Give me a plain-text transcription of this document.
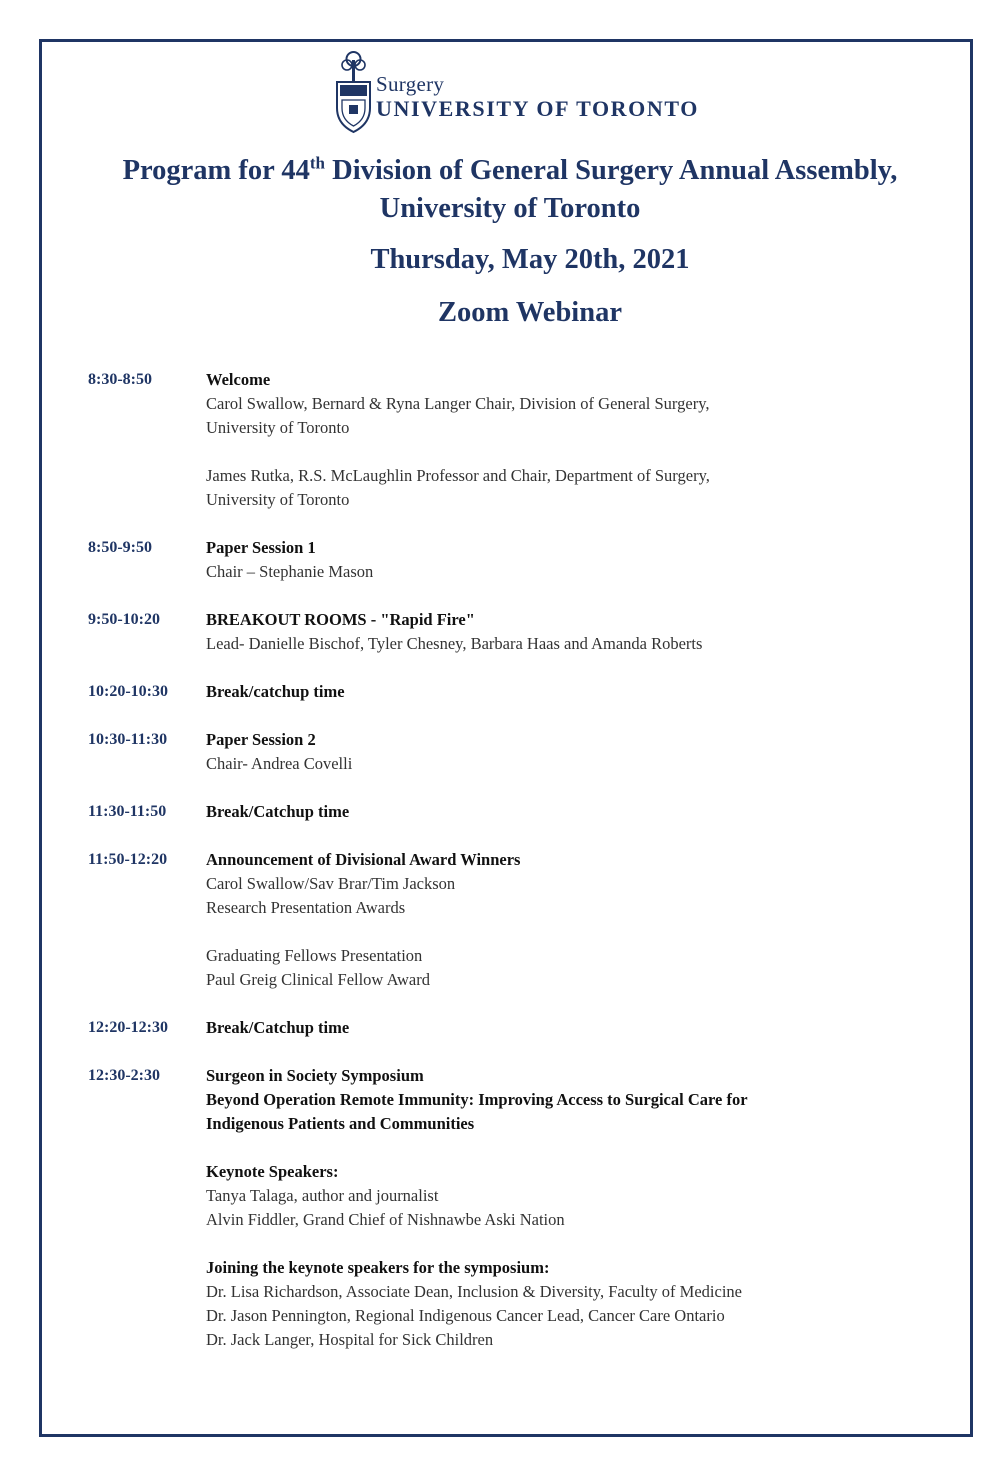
Surgery
UNIVERSITY OF TORONTO
Program for 44th Division of General Surgery Annual Assembly,
University of Toronto
Thursday, May 20th, 2021
Zoom Webinar
8:30-8:50	Welcome
Carol Swallow, Bernard & Ryna Langer Chair, Division of General Surgery,
University of Toronto
James Rutka, R.S. McLaughlin Professor and Chair, Department of Surgery,
University of Toronto
8:50-9:50	Paper Session 1
Chair – Stephanie Mason
9:50-10:20	BREAKOUT ROOMS - "Rapid Fire"
Lead- Danielle Bischof, Tyler Chesney, Barbara Haas and Amanda Roberts
10:20-10:30	Break/catchup time
10:30-11:30	Paper Session 2
Chair- Andrea Covelli
11:30-11:50	Break/Catchup time
11:50-12:20	Announcement of Divisional Award Winners
Carol Swallow/Sav Brar/Tim Jackson
Research Presentation Awards
Graduating Fellows Presentation
Paul Greig Clinical Fellow Award
12:20-12:30	Break/Catchup time
12:30-2:30	Surgeon in Society Symposium
Beyond Operation Remote Immunity: Improving Access to Surgical Care for
Indigenous Patients and Communities
Keynote Speakers:
Tanya Talaga, author and journalist
Alvin Fiddler, Grand Chief of Nishnawbe Aski Nation
Joining the keynote speakers for the symposium:
Dr. Lisa Richardson, Associate Dean, Inclusion & Diversity, Faculty of Medicine
Dr. Jason Pennington, Regional Indigenous Cancer Lead, Cancer Care Ontario
Dr. Jack Langer, Hospital for Sick Children
